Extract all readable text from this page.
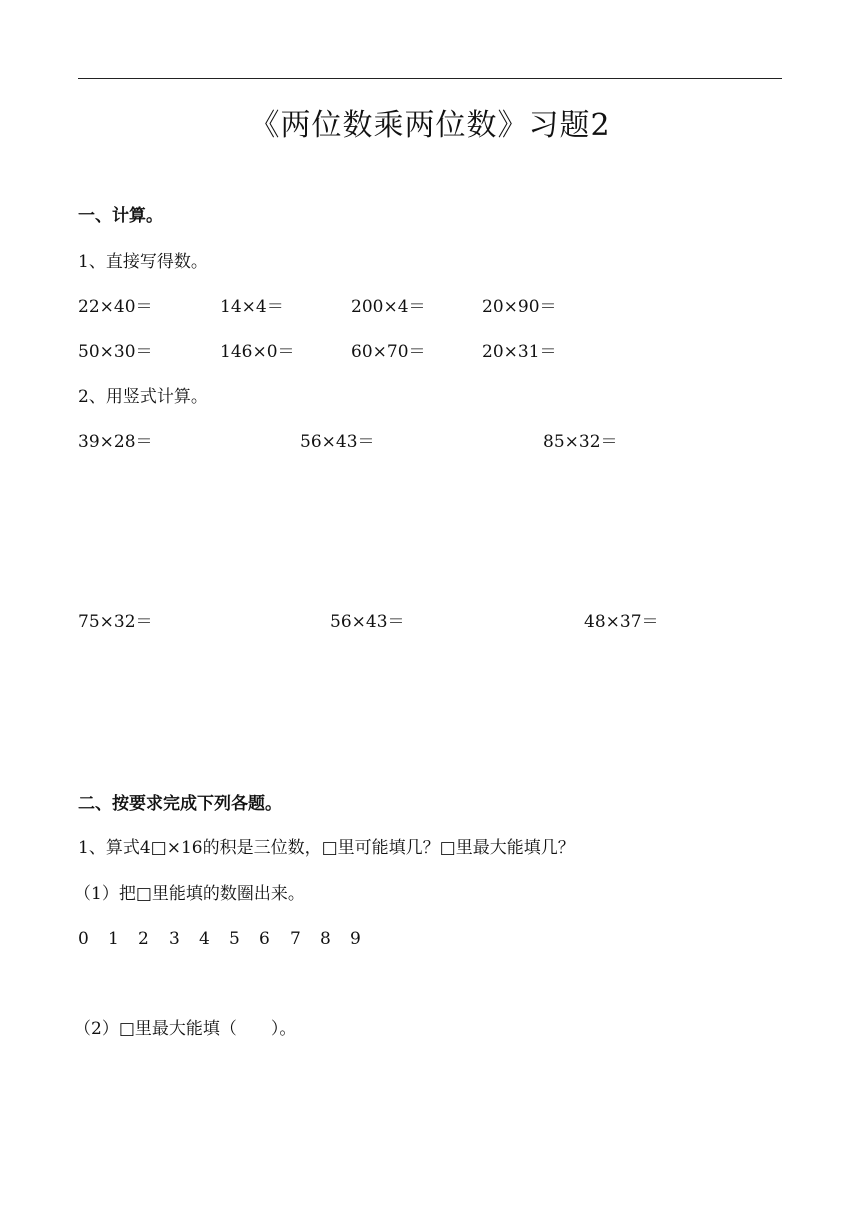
《两位数乘两位数》习题2
一、计算。
1、直接写得数。
22×40＝	14×4＝	200×4＝	20×90＝
50×30＝	146×0＝	60×70＝	20×31＝
2、用竖式计算。
39×28＝	56×43＝	85×32＝
75×32＝	56×43＝	48×37＝
二、按要求完成下列各题。
1、算式4□×16的积是三位数，□里可能填几？□里最大能填几？
（1）把□里能填的数圈出来。
0 1 2 3 4 5 6 7 8 9
（2）□里最大能填（　　）。
